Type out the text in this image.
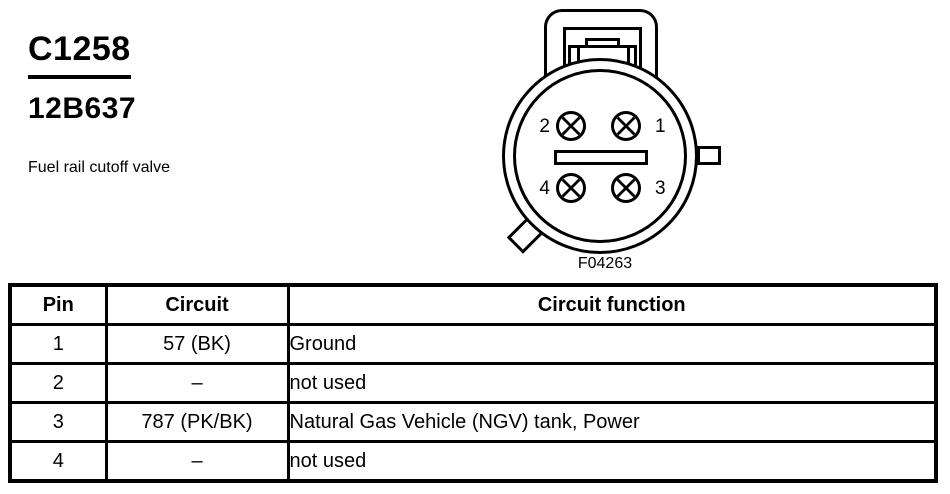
C1258
12B637
Fuel rail cutoff valve
2	1
4	3
F04263
Pin	Circuit	Circuit function
1	57 (BK)	Ground
2	–	not used
3	787 (PK/BK)	Natural Gas Vehicle (NGV) tank, Power
4	–	not used
